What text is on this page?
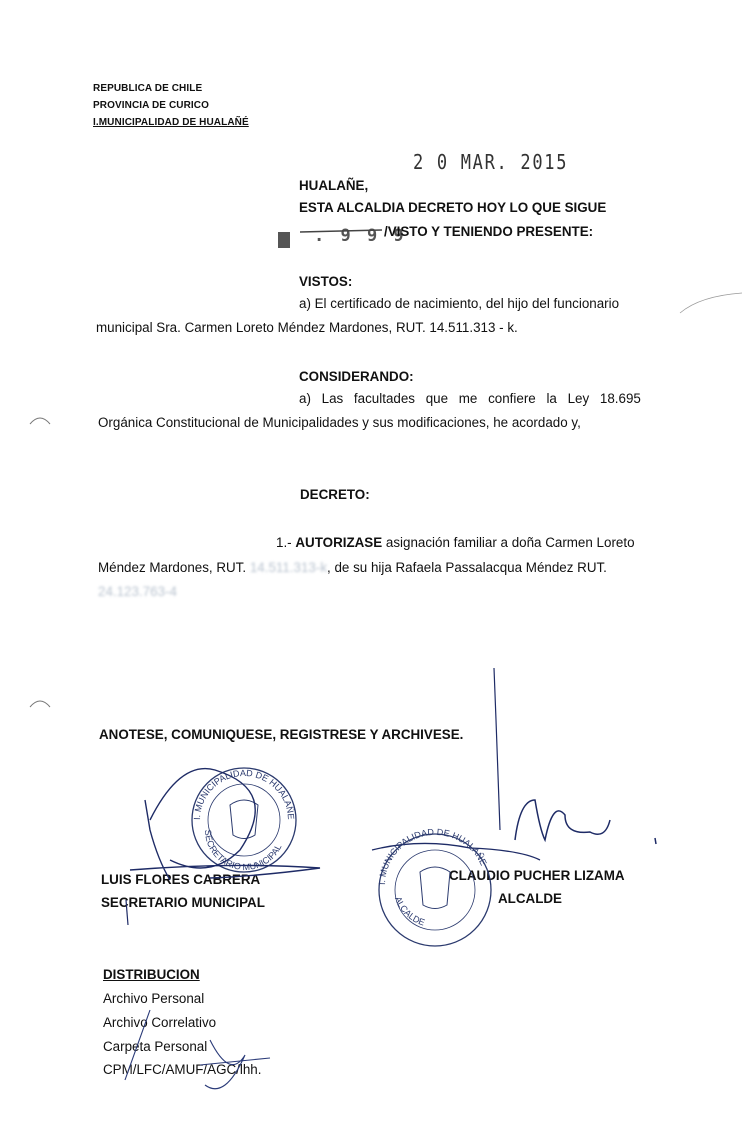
REPUBLICA DE CHILE
PROVINCIA DE CURICO
I.MUNICIPALIDAD DE HUALAÑÉ
2 0 MAR. 2015
HUALAÑE,
ESTA ALCALDIA DECRETO HOY LO QUE SIGUE
. 9 9 9
/VISTO Y TENIENDO PRESENTE:
VISTOS:
a) El certificado de nacimiento, del hijo del funcionario
municipal Sra. Carmen Loreto Méndez Mardones, RUT. 14.511.313 - k.
CONSIDERANDO:
a) Las facultades que me confiere la Ley 18.695
Orgánica Constitucional de Municipalidades y sus modificaciones, he acordado y,
DECRETO:
1.- AUTORIZASE asignación familiar a doña Carmen Loreto
Méndez Mardones, RUT. 14.511.313-k, de su hija Rafaela Passalacqua Méndez RUT.
24.123.763-4
ANOTESE, COMUNIQUESE, REGISTRESE Y ARCHIVESE.
LUIS FLORES CABRERA
SECRETARIO MUNICIPAL
CLAUDIO PUCHER LIZAMA
ALCALDE
DISTRIBUCION
Archivo Personal
Archivo Correlativo
Carpeta Personal
CPM/LFC/AMUF/AGC/lhh.
I. MUNICIPALIDAD DE HUALAÑE
SECRETARIO MUNICIPAL
I. MUNICIPALIDAD DE HUALAÑE
ALCALDE
